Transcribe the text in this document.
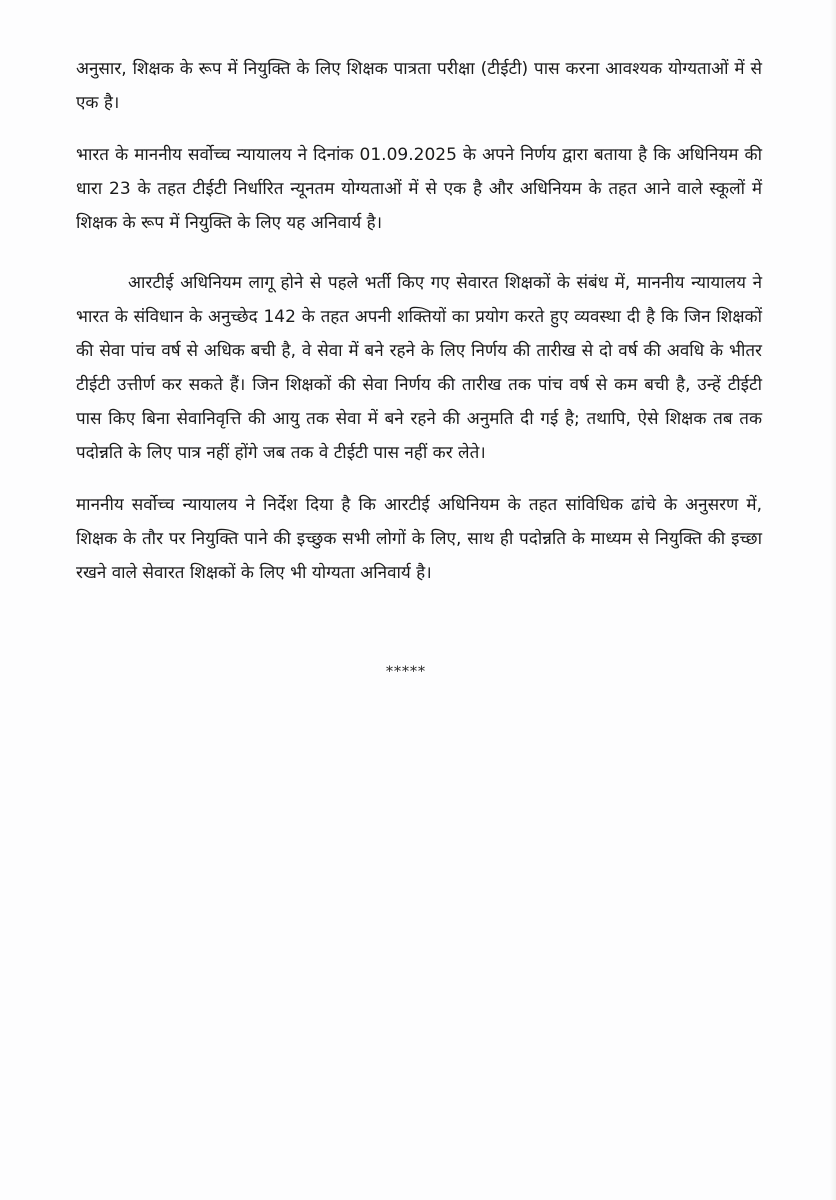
अनुसार, शिक्षक के रूप में नियुक्ति के लिए शिक्षक पात्रता परीक्षा (टीईटी) पास करना आवश्यक योग्यताओं में से एक है।

भारत के माननीय सर्वोच्च न्यायालय ने दिनांक 01.09.2025 के अपने निर्णय द्वारा बताया है कि अधिनियम की धारा 23 के तहत टीईटी निर्धारित न्यूनतम योग्यताओं में से एक है और अधिनियम के तहत आने वाले स्कूलों में शिक्षक के रूप में नियुक्ति के लिए यह अनिवार्य है।

आरटीई अधिनियम लागू होने से पहले भर्ती किए गए सेवारत शिक्षकों के संबंध में, माननीय न्यायालय ने भारत के संविधान के अनुच्छेद 142 के तहत अपनी शक्तियों का प्रयोग करते हुए व्यवस्था दी है कि जिन शिक्षकों की सेवा पांच वर्ष से अधिक बची है, वे सेवा में बने रहने के लिए निर्णय की तारीख से दो वर्ष की अवधि के भीतर टीईटी उत्तीर्ण कर सकते हैं। जिन शिक्षकों की सेवा निर्णय की तारीख तक पांच वर्ष से कम बची है, उन्हें टीईटी पास किए बिना सेवानिवृत्ति की आयु तक सेवा में बने रहने की अनुमति दी गई है; तथापि, ऐसे शिक्षक तब तक पदोन्नति के लिए पात्र नहीं होंगे जब तक वे टीईटी पास नहीं कर लेते।

माननीय सर्वोच्च न्यायालय ने निर्देश दिया है कि आरटीई अधिनियम के तहत सांविधिक ढांचे के अनुसरण में, शिक्षक के तौर पर नियुक्ति पाने की इच्छुक सभी लोगों के लिए, साथ ही पदोन्नति के माध्यम से नियुक्ति की इच्छा रखने वाले सेवारत शिक्षकों के लिए भी योग्यता अनिवार्य है।

*****
